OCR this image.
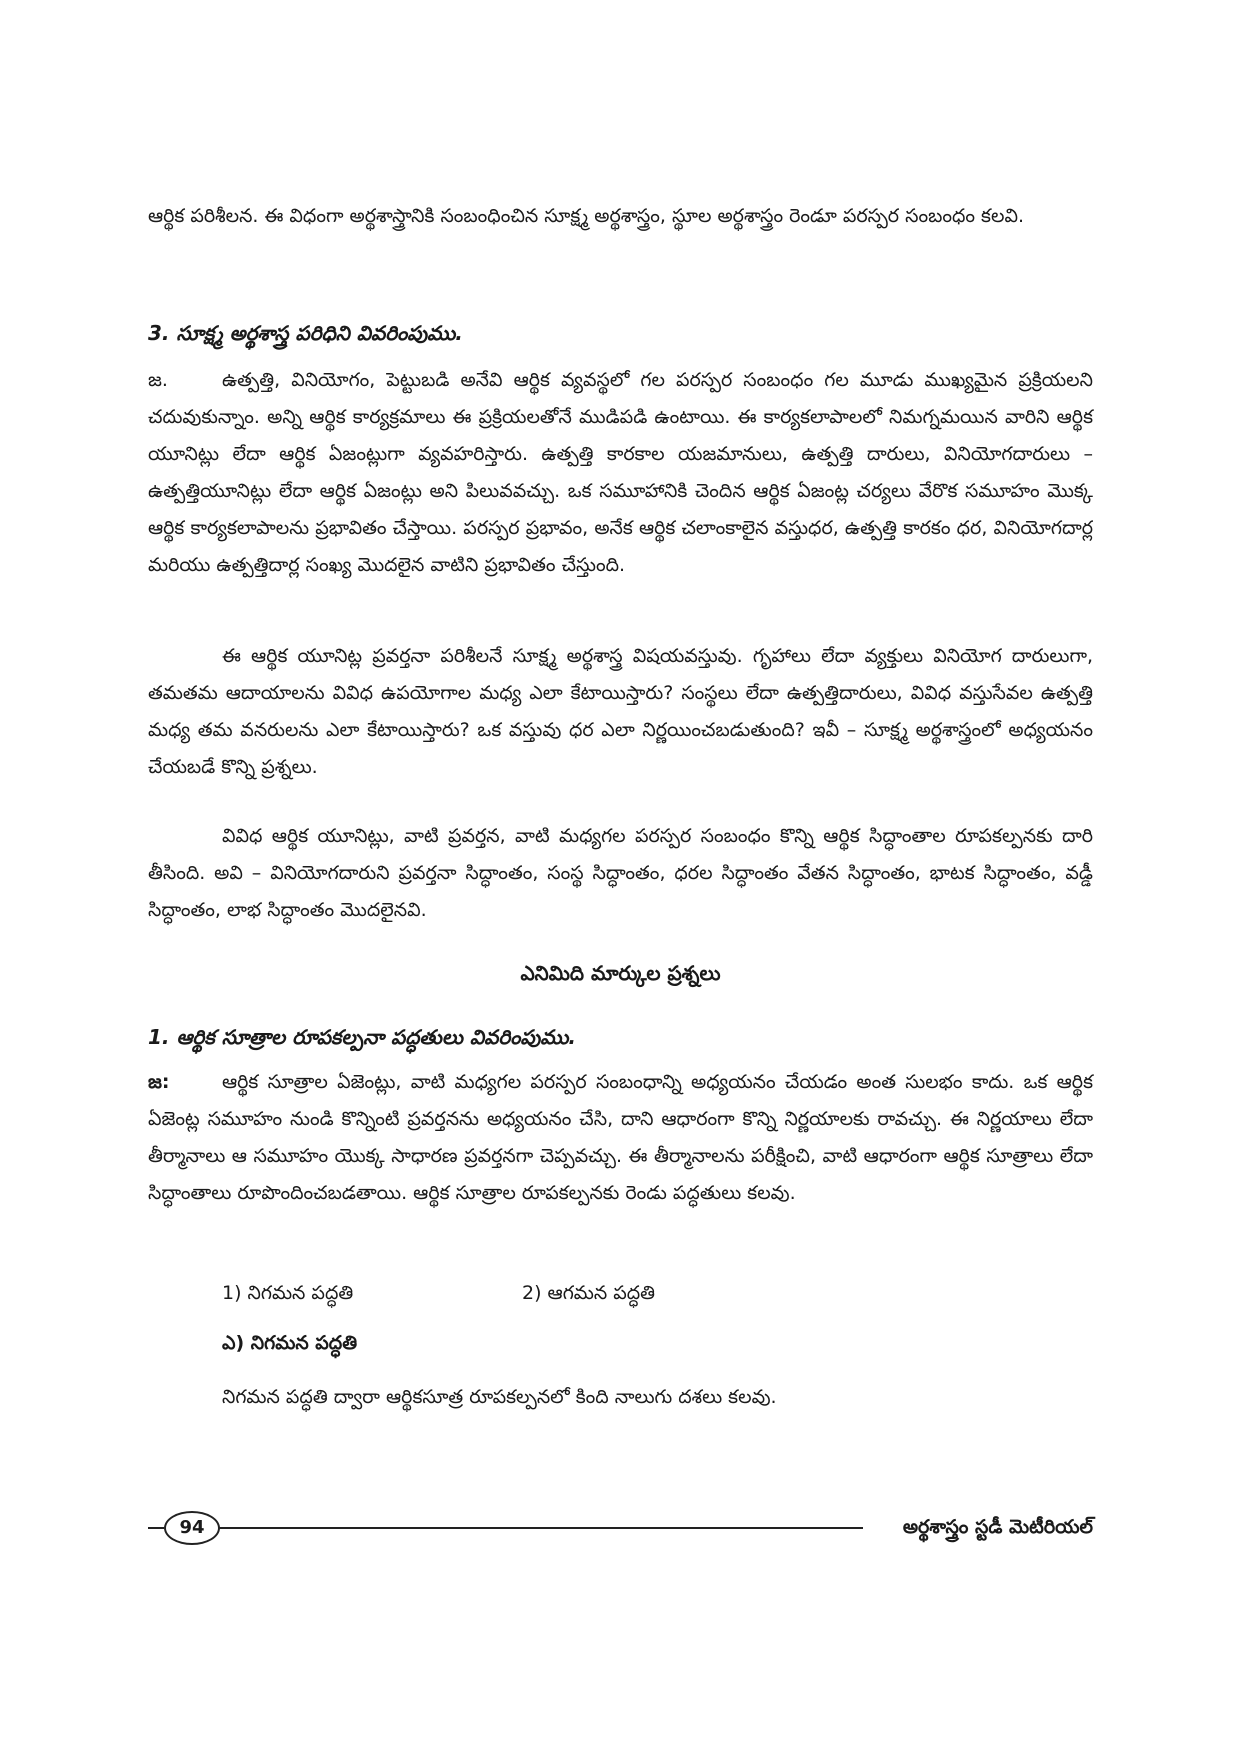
ఆర్థిక పరిశీలన. ఈ విధంగా అర్థశాస్త్రానికి సంబంధించిన సూక్ష్మ అర్థశాస్త్రం, స్థూల అర్థశాస్త్రం రెండూ పరస్పర సంబంధం కలవి.

3. సూక్ష్మ అర్థశాస్త్ర పరిధిని వివరింపుము.

ఉత్పత్తి, వినియోగం, పెట్టుబడి అనేవి ఆర్థిక వ్యవస్థలో గల పరస్పర సంబంధం గల మూడు ముఖ్యమైన ప్రక్రియలని చదువుకున్నాం. అన్ని ఆర్థిక కార్యక్రమాలు ఈ ప్రక్రియలతోనే ముడిపడి ఉంటాయి. ఈ కార్యకలాపాలలో నిమగ్నమయిన వారిని ఆర్థిక యూనిట్లు లేదా ఆర్థిక ఏజంట్లుగా వ్యవహరిస్తారు. ఉత్పత్తి కారకాల యజమానులు, ఉత్పత్తి దారులు, వినియోగదారులు – ఉత్పత్తియూనిట్లు లేదా ఆర్థిక ఏజంట్లు అని పిలువవచ్చు. ఒక సమూహానికి చెందిన ఆర్థిక ఏజంట్ల చర్యలు వేరొక సమూహం మొక్క ఆర్థిక కార్యకలాపాలను ప్రభావితం చేస్తాయి. పరస్పర ప్రభావం, అనేక ఆర్థిక చలాంకాలైన వస్తుధర, ఉత్పత్తి కారకం ధర, వినియోగదార్ల మరియు ఉత్పత్తిదార్ల సంఖ్య మొదలైన వాటిని ప్రభావితం చేస్తుంది.
జ.

ఈ ఆర్థిక యూనిట్ల ప్రవర్తనా పరిశీలనే సూక్ష్మ అర్థశాస్త్ర విషయవస్తువు. గృహాలు లేదా వ్యక్తులు వినియోగ దారులుగా, తమతమ ఆదాయాలను వివిధ ఉపయోగాల మధ్య ఎలా కేటాయిస్తారు? సంస్థలు లేదా ఉత్పత్తిదారులు, వివిధ వస్తుసేవల ఉత్పత్తి మధ్య తమ వనరులను ఎలా కేటాయిస్తారు? ఒక వస్తువు ధర ఎలా నిర్ణయించబడుతుంది? ఇవీ – సూక్ష్మ అర్థశాస్త్రంలో అధ్యయనం చేయబడే కొన్ని ప్రశ్నలు.

వివిధ ఆర్థిక యూనిట్లు, వాటి ప్రవర్తన, వాటి మధ్యగల పరస్పర సంబంధం కొన్ని ఆర్థిక సిద్ధాంతాల రూపకల్పనకు దారి తీసింది. అవి – వినియోగదారుని ప్రవర్తనా సిద్ధాంతం, సంస్థ సిద్ధాంతం, ధరల సిద్ధాంతం వేతన సిద్ధాంతం, భాటక సిద్ధాంతం, వడ్డీ సిద్ధాంతం, లాభ సిద్ధాంతం మొదలైనవి.

ఎనిమిది మార్కుల ప్రశ్నలు

1. ఆర్థిక సూత్రాల రూపకల్పనా పద్ధతులు వివరింపుము.

ఆర్థిక సూత్రాల ఏజెంట్లు, వాటి మధ్యగల పరస్పర సంబంధాన్ని అధ్యయనం చేయడం అంత సులభం కాదు. ఒక ఆర్థిక ఏజెంట్ల సమూహం నుండి కొన్నింటి ప్రవర్తనను అధ్యయనం చేసి, దాని ఆధారంగా కొన్ని నిర్ణయాలకు రావచ్చు. ఈ నిర్ణయాలు లేదా తీర్మానాలు ఆ సమూహం యొక్క సాధారణ ప్రవర్తనగా చెప్పవచ్చు. ఈ తీర్మానాలను పరీక్షించి, వాటి ఆధారంగా ఆర్థిక సూత్రాలు లేదా సిద్ధాంతాలు రూపొందించబడతాయి. ఆర్థిక సూత్రాల రూపకల్పనకు రెండు పద్ధతులు కలవు.
జ:

1) నిగమన పద్ధతి	2) ఆగమన పద్ధతి
ఎ) నిగమన పద్ధతి
నిగమన పద్ధతి ద్వారా ఆర్థికసూత్ర రూపకల్పనలో కింది నాలుగు దశలు కలవు.
94	అర్థశాస్త్రం స్టడీ మెటీరియల్
